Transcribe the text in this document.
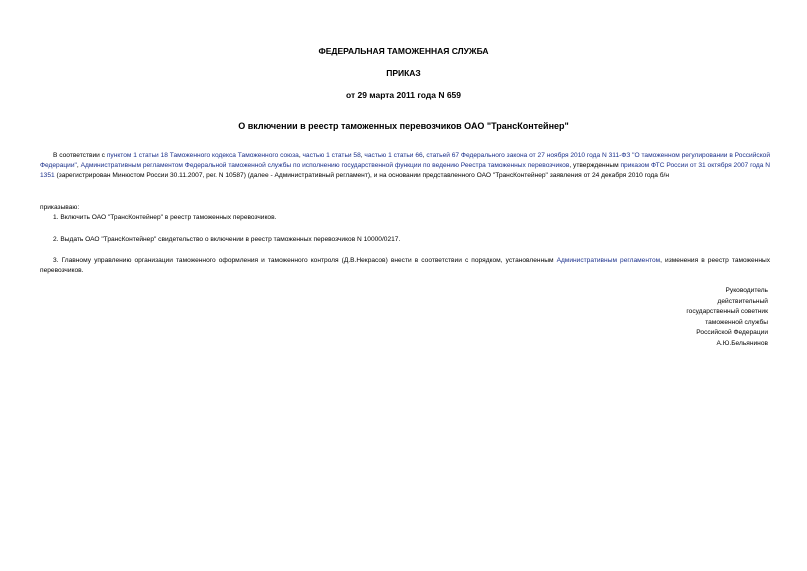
ФЕДЕРАЛЬНАЯ ТАМОЖЕННАЯ СЛУЖБА
ПРИКАЗ
от 29 марта 2011 года N 659
О включении в реестр таможенных перевозчиков ОАО "ТрансКонтейнер"
В соответствии с пунктом 1 статьи 18 Таможенного кодекса Таможенного союза, частью 1 статьи 58, частью 1 статьи 66, статьей 67 Федерального закона от 27 ноября 2010 года N 311-ФЗ "О таможенном регулировании в Российской Федерации", Административным регламентом Федеральной таможенной службы по исполнению государственной функции по ведению Реестра таможенных перевозчиков, утвержденным приказом ФТС России от 31 октября 2007 года N 1351 (зарегистрирован Минюстом России 30.11.2007, рег. N 10587) (далее - Административный регламент), и на основании представленного ОАО "ТрансКонтейнер" заявления от 24 декабря 2010 года б/н
приказываю:
1. Включить ОАО "ТрансКонтейнер" в реестр таможенных перевозчиков.
2. Выдать ОАО "ТрансКонтейнер" свидетельство о включении в реестр таможенных перевозчиков N 10000/0217.
3. Главному управлению организации таможенного оформления и таможенного контроля (Д.В.Некрасов) внести в соответствии с порядком, установленным Административным регламентом, изменения в реестр таможенных перевозчиков.
Руководитель
действительный
государственный советник
таможенной службы
Российской Федерации
А.Ю.Бельянинов
